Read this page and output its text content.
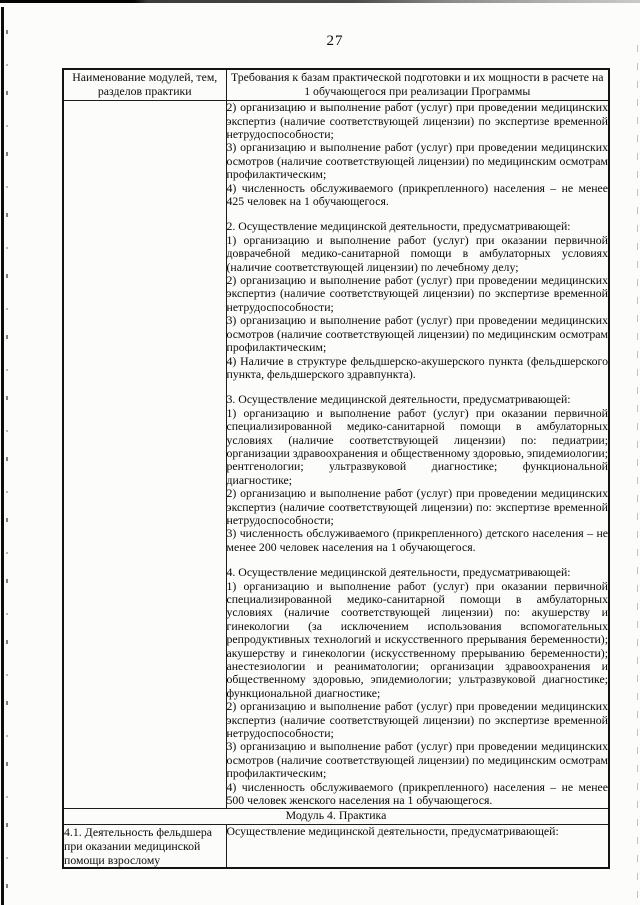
27
Наименование модулей, тем, разделов практики	Требования к базам практической подготовки и их мощности в расчете на 1 обучающегося при реализации Программы

2) организацию и выполнение работ (услуг) при проведении медицинских экспертиз (наличие соответствующей лицензии) по экспертизе временной нетрудоспособности;

3) организацию и выполнение работ (услуг) при проведении медицинских осмотров (наличие соответствующей лицензии) по медицинским осмотрам профилактическим;

4) численность обслуживаемого (прикрепленного) населения – не менее 425 человек на 1 обучающегося.

2. Осуществление медицинской деятельности, предусматривающей:

1) организацию и выполнение работ (услуг) при оказании первичной доврачебной медико-санитарной помощи в амбулаторных условиях (наличие соответствующей лицензии) по лечебному делу;

2) организацию и выполнение работ (услуг) при проведении медицинских экспертиз (наличие соответствующей лицензии) по экспертизе временной нетрудоспособности;

3) организацию и выполнение работ (услуг) при проведении медицинских осмотров (наличие соответствующей лицензии) по медицинским осмотрам профилактическим;

4) Наличие в структуре фельдшерско-акушерского пункта (фельдшерского пункта, фельдшерского здравпункта).

3. Осуществление медицинской деятельности, предусматривающей:

1) организацию и выполнение работ (услуг) при оказании первичной специализированной медико-санитарной помощи в амбулаторных условиях (наличие соответствующей лицензии) по: педиатрии; организации здравоохранения и общественному здоровью, эпидемиологии; рентгенологии; ультразвуковой диагностике; функциональной диагностике;

2) организацию и выполнение работ (услуг) при проведении медицинских экспертиз (наличие соответствующей лицензии) по: экспертизе временной нетрудоспособности;

3) численность обслуживаемого (прикрепленного) детского населения – не менее 200 человек населения на 1 обучающегося.

4. Осуществление медицинской деятельности, предусматривающей:

1) организацию и выполнение работ (услуг) при оказании первичной специализированной медико-санитарной помощи в амбулаторных условиях (наличие соответствующей лицензии) по: акушерству и гинекологии (за исключением использования вспомогательных репродуктивных технологий и искусственного прерывания беременности); акушерству и гинекологии (искусственному прерыванию беременности); анестезиологии и реаниматологии; организации здравоохранения и общественному здоровью, эпидемиологии; ультразвуковой диагностике; функциональной диагностике;

2) организацию и выполнение работ (услуг) при проведении медицинских экспертиз (наличие соответствующей лицензии) по экспертизе временной нетрудоспособности;

3) организацию и выполнение работ (услуг) при проведении медицинских осмотров (наличие соответствующей лицензии) по медицинским осмотрам профилактическим;

4) численность обслуживаемого (прикрепленного) населения – не менее 500 человек женского населения на 1 обучающегося.

Модуль 4. Практика	
4.1. Деятельность фельдшера при оказании медицинской помощи взрослому	Осуществление медицинской деятельности, предусматривающей:
